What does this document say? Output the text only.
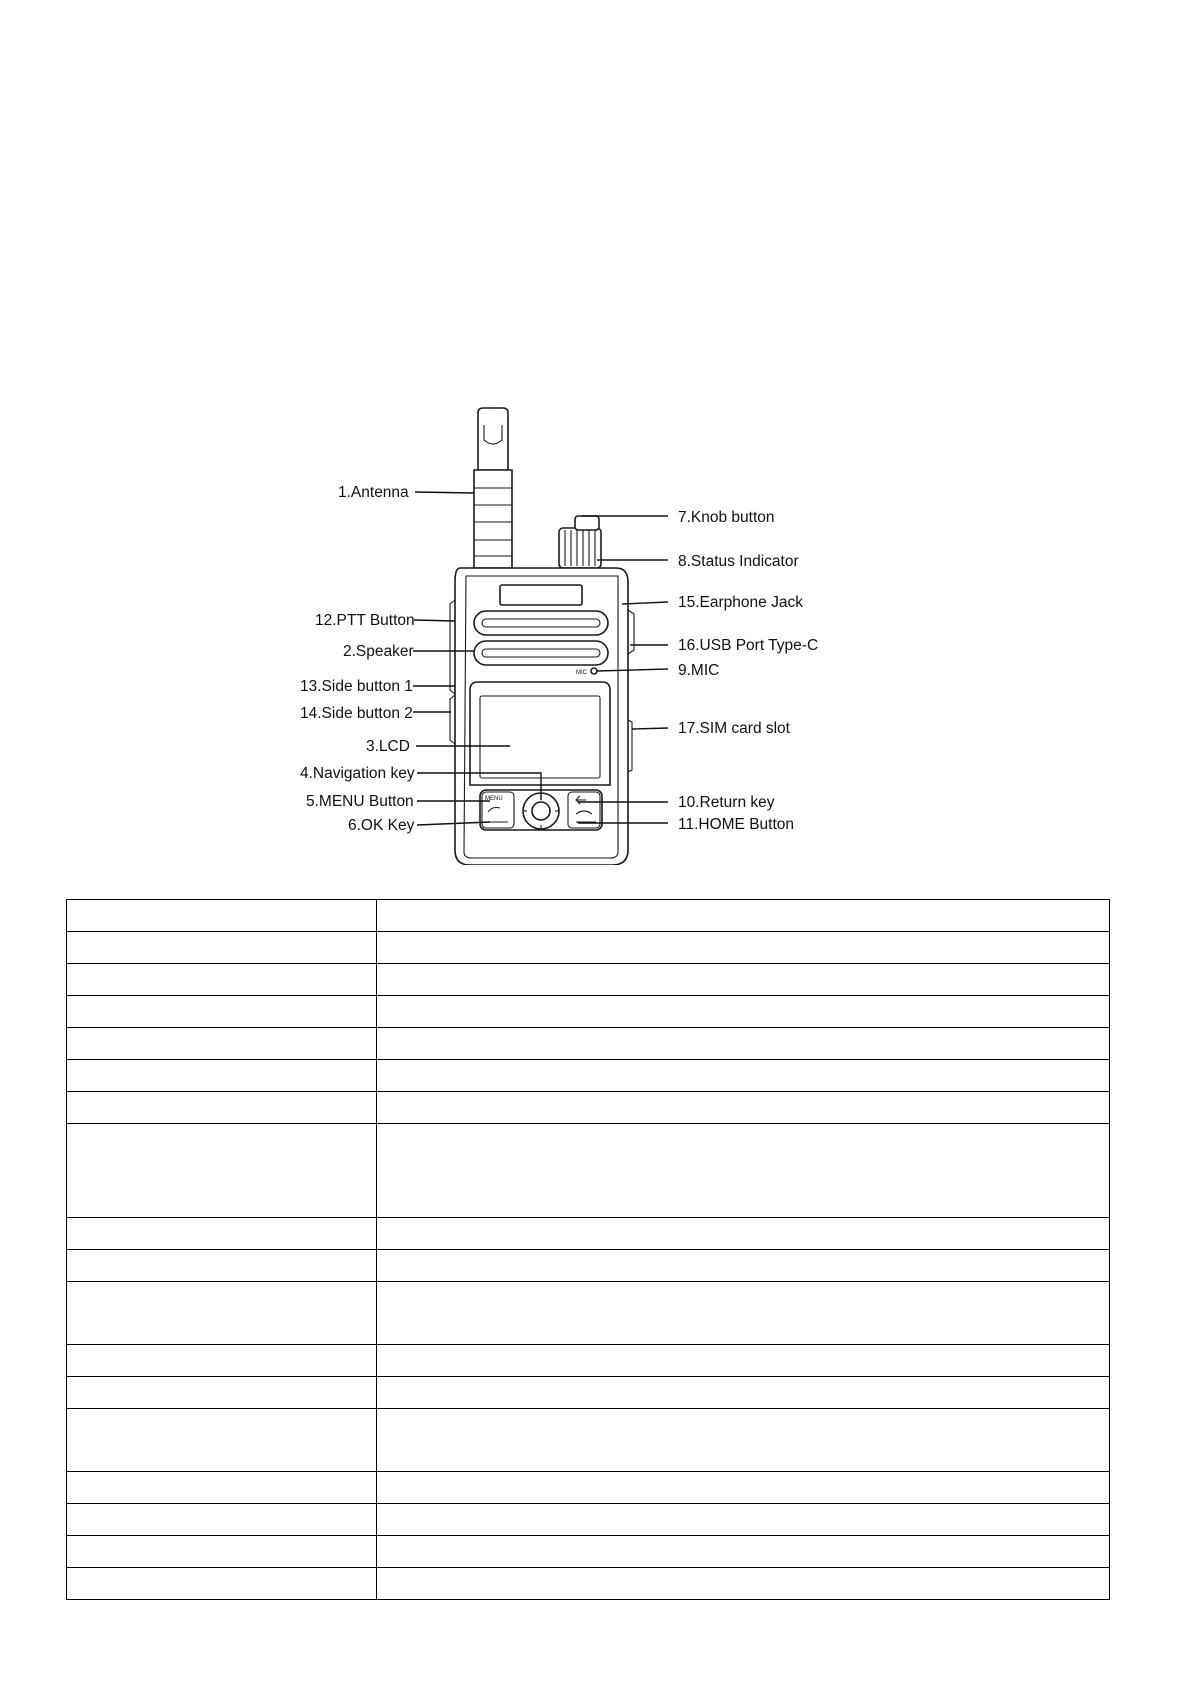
MIC
MENU
1.Antenna
7.Knob button
8.Status Indicator
15.Earphone Jack
12.PTT Button
16.USB Port Type-C
2.Speaker
9.MIC
13.Side button 1
14.Side button 2
17.SIM card slot
3.LCD
4.Navigation key
5.MENU Button	10.Return key
6.OK Key	11.HOME Button
